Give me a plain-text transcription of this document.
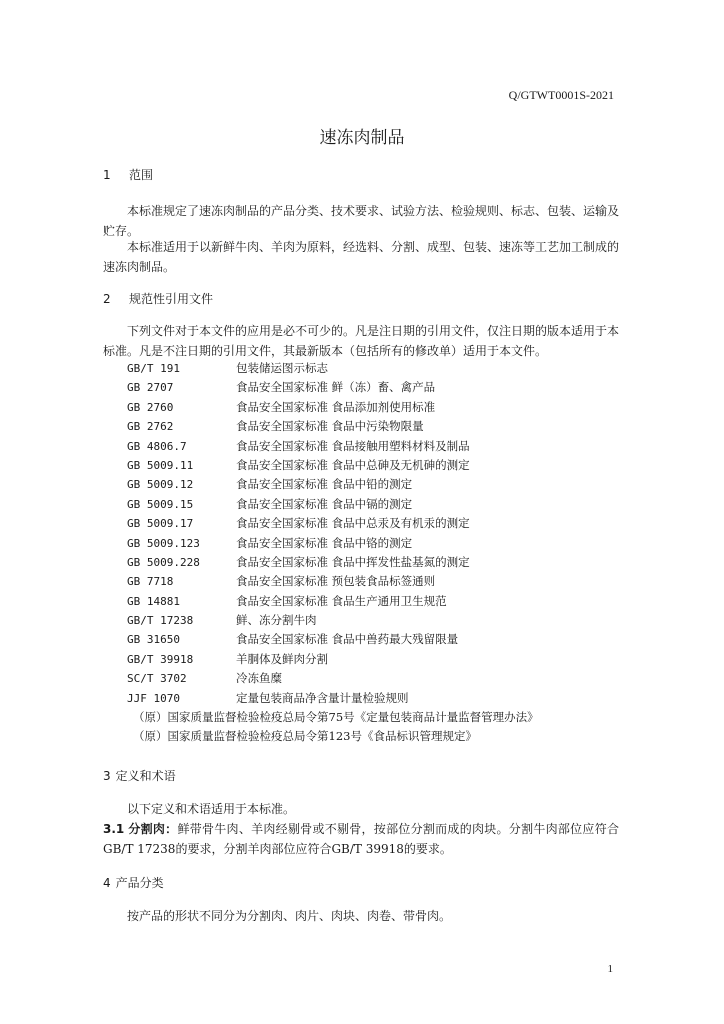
Q/GTWT0001S-2021
速冻肉制品
1 范围
本标准规定了速冻肉制品的产品分类、技术要求、试验方法、检验规则、标志、包装、运输及贮存。
本标准适用于以新鲜牛肉、羊肉为原料，经选料、分割、成型、包装、速冻等工艺加工制成的速冻肉制品。
2 规范性引用文件
下列文件对于本文件的应用是必不可少的。凡是注日期的引用文件，仅注日期的版本适用于本标准。凡是不注日期的引用文件，其最新版本（包括所有的修改单）适用于本文件。
GB/T 191	包装储运图示标志
GB 2707	食品安全国家标准 鲜（冻）畜、禽产品
GB 2760	食品安全国家标准 食品添加剂使用标准
GB 2762	食品安全国家标准 食品中污染物限量
GB 4806.7	食品安全国家标准 食品接触用塑料材料及制品
GB 5009.11	食品安全国家标准 食品中总砷及无机砷的测定
GB 5009.12	食品安全国家标准 食品中铅的测定
GB 5009.15	食品安全国家标准 食品中镉的测定
GB 5009.17	食品安全国家标准 食品中总汞及有机汞的测定
GB 5009.123	食品安全国家标准 食品中铬的测定
GB 5009.228	食品安全国家标准 食品中挥发性盐基氮的测定
GB 7718	食品安全国家标准 预包装食品标签通则
GB 14881	食品安全国家标准 食品生产通用卫生规范
GB/T 17238	鲜、冻分割牛肉
GB 31650	食品安全国家标准 食品中兽药最大残留限量
GB/T 39918	羊胴体及鲜肉分割
SC/T 3702	冷冻鱼糜
JJF 1070	定量包装商品净含量计量检验规则
（原）国家质量监督检验检疫总局令第75号《定量包装商品计量监督管理办法》
（原）国家质量监督检验检疫总局令第123号《食品标识管理规定》
3 定义和术语
以下定义和术语适用于本标准。
3.1 分割肉：鲜带骨牛肉、羊肉经剔骨或不剔骨，按部位分割而成的肉块。分割牛肉部位应符合GB/T 17238的要求，分割羊肉部位应符合GB/T 39918的要求。
4 产品分类
按产品的形状不同分为分割肉、肉片、肉块、肉卷、带骨肉。
1
